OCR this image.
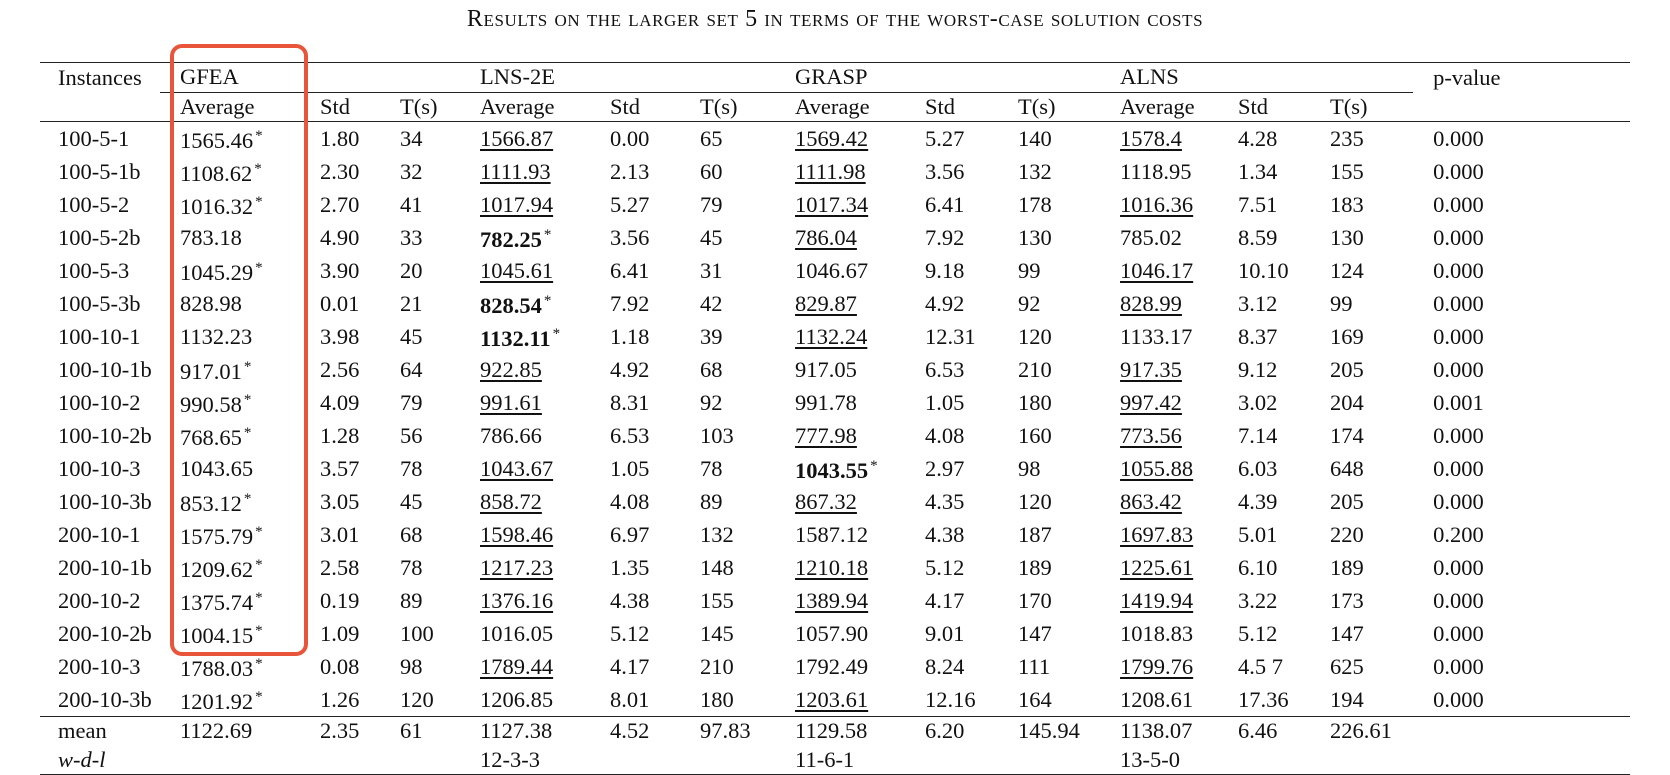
Results on the larger set 5 in terms of the worst-case solution costs
Instances	GFEA			LNS-2E			GRASP			ALNS			p-value
	Average	Std	T(s)	Average	Std	T(s)	Average	Std	T(s)	Average	Std	T(s)	
100-5-1	1565.46 *	1.80	34	1566.87	0.00	65	1569.42	5.27	140	1578.4	4.28	235	0.000
100-5-1b	1108.62 *	2.30	32	1111.93	2.13	60	1111.98	3.56	132	1118.95	1.34	155	0.000
100-5-2	1016.32 *	2.70	41	1017.94	5.27	79	1017.34	6.41	178	1016.36	7.51	183	0.000
100-5-2b	783.18	4.90	33	782.25 *	3.56	45	786.04	7.92	130	785.02	8.59	130	0.000
100-5-3	1045.29 *	3.90	20	1045.61	6.41	31	1046.67	9.18	99	1046.17	10.10	124	0.000
100-5-3b	828.98	0.01	21	828.54 *	7.92	42	829.87	4.92	92	828.99	3.12	99	0.000
100-10-1	1132.23	3.98	45	1132.11 *	1.18	39	1132.24	12.31	120	1133.17	8.37	169	0.000
100-10-1b	917.01 *	2.56	64	922.85	4.92	68	917.05	6.53	210	917.35	9.12	205	0.000
100-10-2	990.58 *	4.09	79	991.61	8.31	92	991.78	1.05	180	997.42	3.02	204	0.001
100-10-2b	768.65 *	1.28	56	786.66	6.53	103	777.98	4.08	160	773.56	7.14	174	0.000
100-10-3	1043.65	3.57	78	1043.67	1.05	78	1043.55 *	2.97	98	1055.88	6.03	648	0.000
100-10-3b	853.12 *	3.05	45	858.72	4.08	89	867.32	4.35	120	863.42	4.39	205	0.000
200-10-1	1575.79 *	3.01	68	1598.46	6.97	132	1587.12	4.38	187	1697.83	5.01	220	0.200
200-10-1b	1209.62 *	2.58	78	1217.23	1.35	148	1210.18	5.12	189	1225.61	6.10	189	0.000
200-10-2	1375.74 *	0.19	89	1376.16	4.38	155	1389.94	4.17	170	1419.94	3.22	173	0.000
200-10-2b	1004.15 *	1.09	100	1016.05	5.12	145	1057.90	9.01	147	1018.83	5.12	147	0.000
200-10-3	1788.03 *	0.08	98	1789.44	4.17	210	1792.49	8.24	111	1799.76	4.5 7	625	0.000
200-10-3b	1201.92 *	1.26	120	1206.85	8.01	180	1203.61	12.16	164	1208.61	17.36	194	0.000
mean	1122.69	2.35	61	1127.38	4.52	97.83	1129.58	6.20	145.94	1138.07	6.46	226.61	
w-d-l				12-3-3			11-6-1			13-5-0			
